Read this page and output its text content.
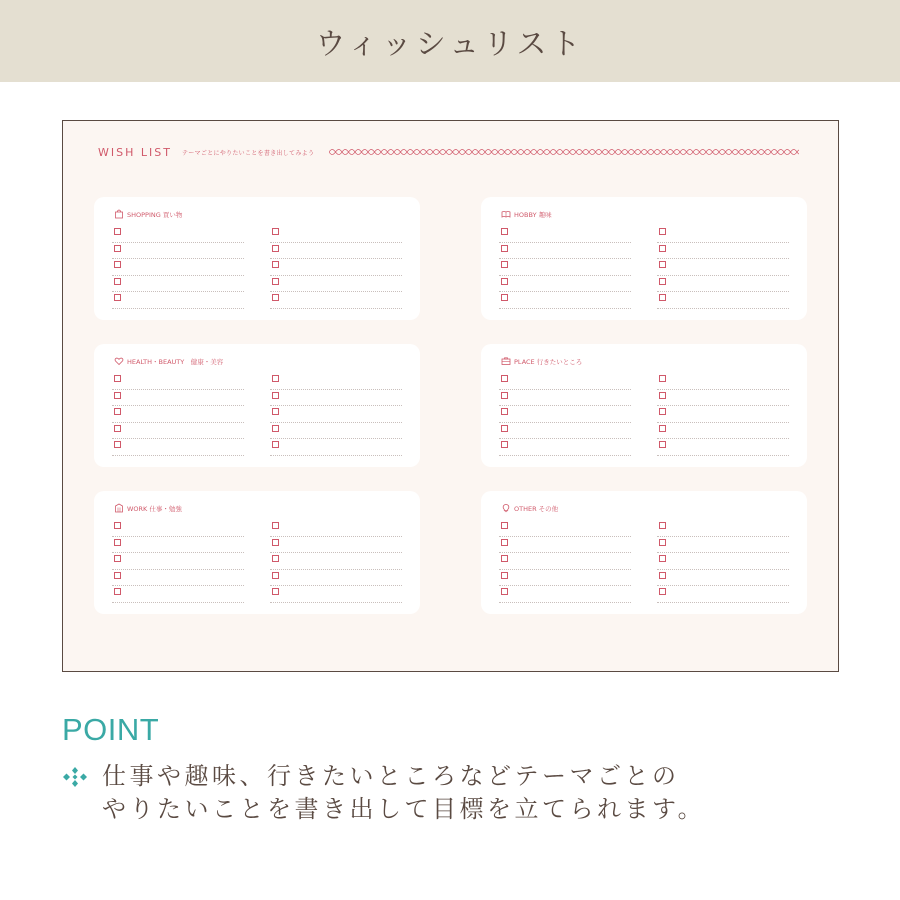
ウィッシュリスト
WISH LIST テーマごとにやりたいことを書き出してみよう
SHOPPING 買い物	HOBBY 趣味
HEALTH・BEAUTY　健康・美容	PLACE 行きたいところ
WORK 仕事・勉強	OTHER その他
POINT
仕事や趣味、行きたいところなどテーマごとの
やりたいことを書き出して目標を立てられます。
